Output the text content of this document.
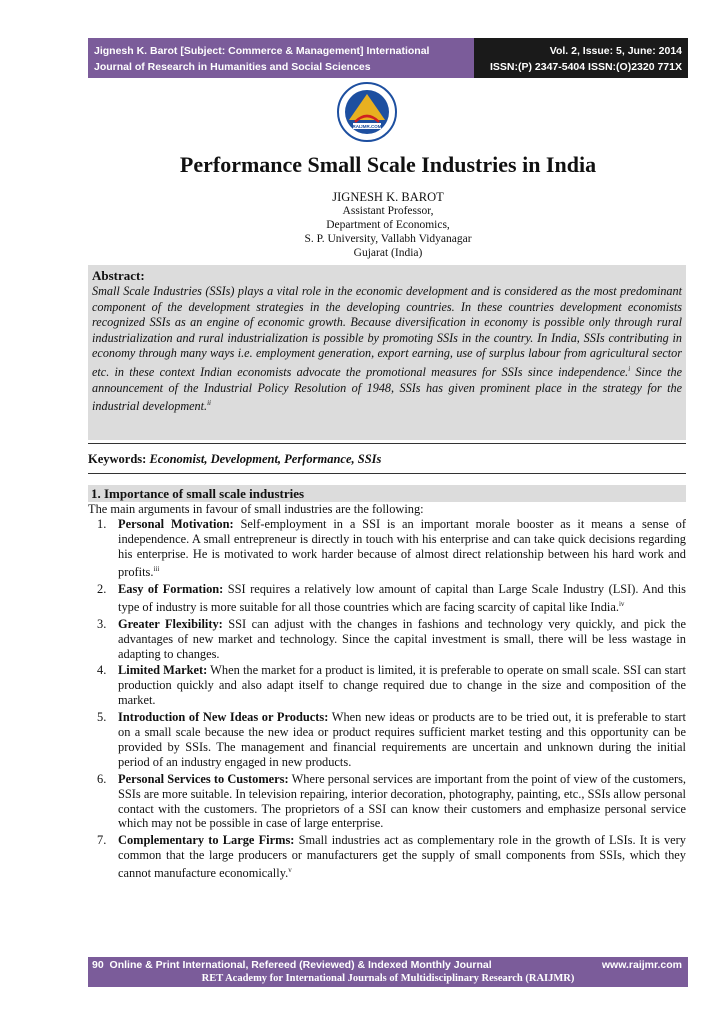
Jignesh K. Barot [Subject: Commerce & Management] International
Journal of Research in Humanities and Social Sciences
Vol. 2, Issue: 5, June: 2014
ISSN:(P) 2347-5404 ISSN:(O)2320 771X
RAIJMR.COM
Performance Small Scale Industries in India
JIGNESH K. BAROT
Assistant Professor,
Department of Economics,
S. P. University, Vallabh Vidyanagar
Gujarat (India)
Abstract:
Small Scale Industries (SSIs) plays a vital role in the economic development and is considered as the most predominant component of the development strategies in the developing countries. In these countries development economists recognized SSIs as an engine of economic growth. Because diversification in economy is possible only through rural industrialization and rural industrialization is possible by promoting SSIs in the country. In India, SSIs contributing in economy through many ways i.e. employment generation, export earning, use of surplus labour from agricultural sector etc. in these context Indian economists advocate the promotional measures for SSIs since independence.$^i$ Since the announcement of the Industrial Policy Resolution of 1948, SSIs has given prominent place in the strategy for the industrial development.$^{ii}$
Keywords: Economist, Development, Performance, SSIs
1. Importance of small scale industries
The main arguments in favour of small industries are the following:
1. Personal Motivation: Self-employment in a SSI is an important morale booster as it means a sense of independence. A small entrepreneur is directly in touch with his enterprise and can take quick decisions regarding his enterprise. He is motivated to work harder because of almost direct relationship between his hard work and profits.$^{iii}$
2. Easy of Formation: SSI requires a relatively low amount of capital than Large Scale Industry (LSI). And this type of industry is more suitable for all those countries which are facing scarcity of capital like India.$^{iv}$
3. Greater Flexibility: SSI can adjust with the changes in fashions and technology very quickly, and pick the advantages of new market and technology. Since the capital investment is small, there will be less wastage in adapting to changes.
4. Limited Market: When the market for a product is limited, it is preferable to operate on small scale. SSI can start production quickly and also adapt itself to change required due to change in the size and composition of the market.
5. Introduction of New Ideas or Products: When new ideas or products are to be tried out, it is preferable to start on a small scale because the new idea or product requires sufficient market testing and this opportunity can be provided by SSIs. The management and financial requirements are uncertain and unknown during the initial period of an industry engaged in new products.
6. Personal Services to Customers: Where personal services are important from the point of view of the customers, SSIs are more suitable. In television repairing, interior decoration, photography, painting, etc., SSIs allow personal contact with the customers. The proprietors of a SSI can know their customers and emphasize personal service which may not be possible in case of large enterprise.
7. Complementary to Large Firms: Small industries act as complementary role in the growth of LSIs. It is very common that the large producers or manufacturers get the supply of small components from SSIs, which they cannot manufacture economically.$^v$
90 Online & Print International, Refereed (Reviewed) & Indexed Monthly Journal	www.raijmr.com
RET Academy for International Journals of Multidisciplinary Research (RAIJMR)
